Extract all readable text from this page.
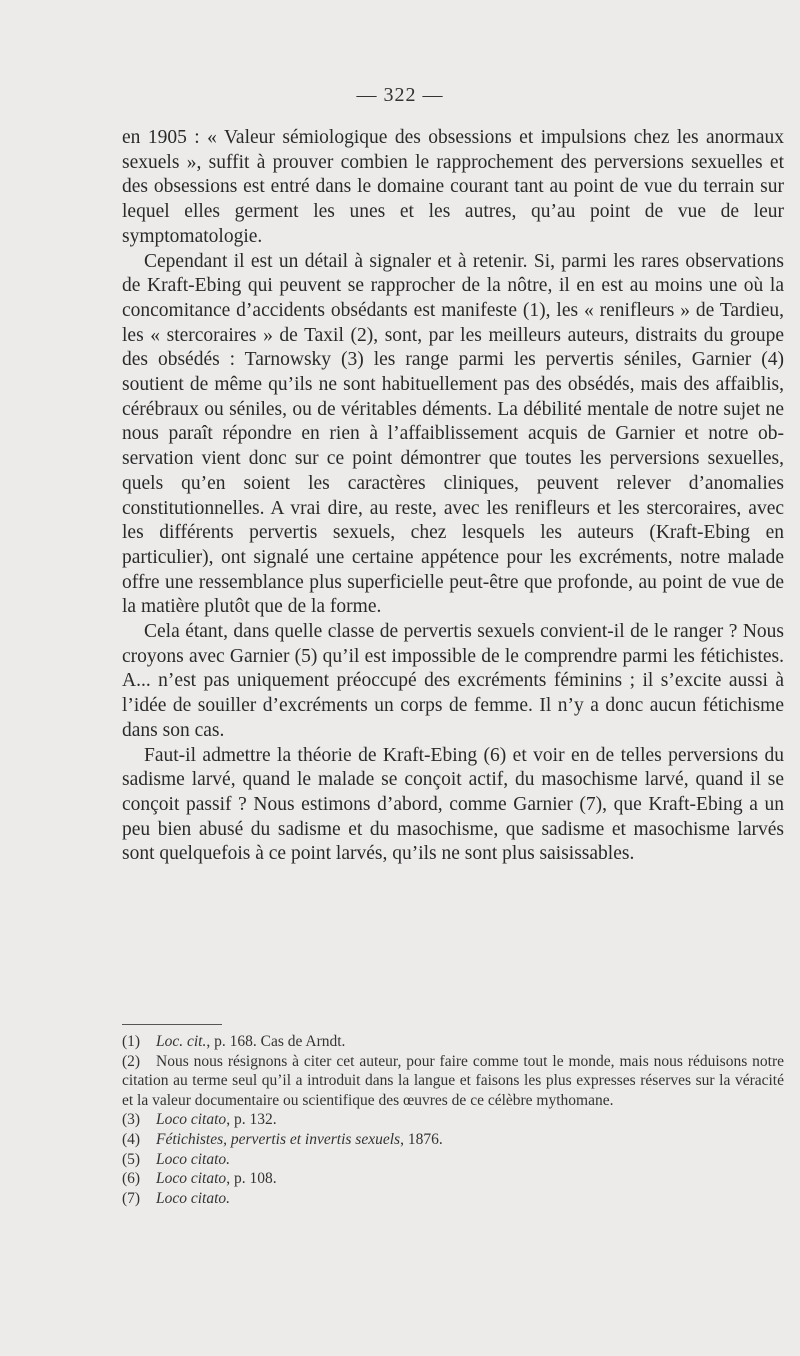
— 322 —

en 1905 : « Valeur sémiologique des obsessions et impulsions chez les anormaux sexuels », suffit à prouver combien le rapprochement des perversions sexuelles et des obsessions est entré dans le domaine courant tant au point de vue du terrain sur lequel elles germent les unes et les autres, qu’au point de vue de leur symptomatologie.

Cependant il est un détail à signaler et à retenir. Si, parmi les rares observations de Kraft-Ebing qui peuvent se rapprocher de la nôtre, il en est au moins une où la concomitance d’accidents obsédants est manifeste (1), les « renifleurs » de Tardieu, les « stercoraires » de Taxil (2), sont, par les meilleurs auteurs, distraits du groupe des obsédés : Tarnowsky (3) les range parmi les pervertis séniles, Garnier (4) soutient de même qu’ils ne sont habituellement pas des obsédés, mais des affaiblis, cérébraux ou séniles, ou de véritables déments. La débilité mentale de notre sujet ne nous paraît répondre en rien à l’affaiblissement acquis de Garnier et notre observation vient donc sur ce point démontrer que toutes les perversions sexuelles, quels qu’en soient les caractères cliniques, peuvent relever d’anomalies constitutionnelles. A vrai dire, au reste, avec les renifleurs et les stercoraires, avec les différents pervertis sexuels, chez lesquels les auteurs (Kraft-Ebing en particulier), ont signalé une certaine appétence pour les excréments, notre malade offre une ressemblance plus superficielle peut-être que profonde, au point de vue de la matière plutôt que de la forme.

Cela étant, dans quelle classe de pervertis sexuels convient-il de le ranger ? Nous croyons avec Garnier (5) qu’il est impossible de le comprendre parmi les fétichistes. A... n’est pas uniquement préoccupé des excréments féminins ; il s’excite aussi à l’idée de souiller d’excréments un corps de femme. Il n’y a donc aucun fétichisme dans son cas.

Faut-il admettre la théorie de Kraft-Ebing (6) et voir en de telles perversions du sadisme larvé, quand le malade se conçoit actif, du masochisme larvé, quand il se conçoit passif ? Nous estimons d’abord, comme Garnier (7), que Kraft-Ebing a un peu bien abusé du sadisme et du masochisme, que sadisme et masochisme larvés sont quelquefois à ce point larvés, qu’ils ne sont plus saisissables.

(1) Loc. cit., p. 168. Cas de Arndt.

(2) Nous nous résignons à citer cet auteur, pour faire comme tout le monde, mais nous réduisons notre citation au terme seul qu’il a introduit dans la langue et faisons les plus expresses réserves sur la véracité et la valeur documentaire ou scientifique des œuvres de ce célèbre mythomane.

(3) Loco citato, p. 132.

(4) Fétichistes, pervertis et invertis sexuels, 1876.

(5) Loco citato.

(6) Loco citato, p. 108.

(7) Loco citato.
